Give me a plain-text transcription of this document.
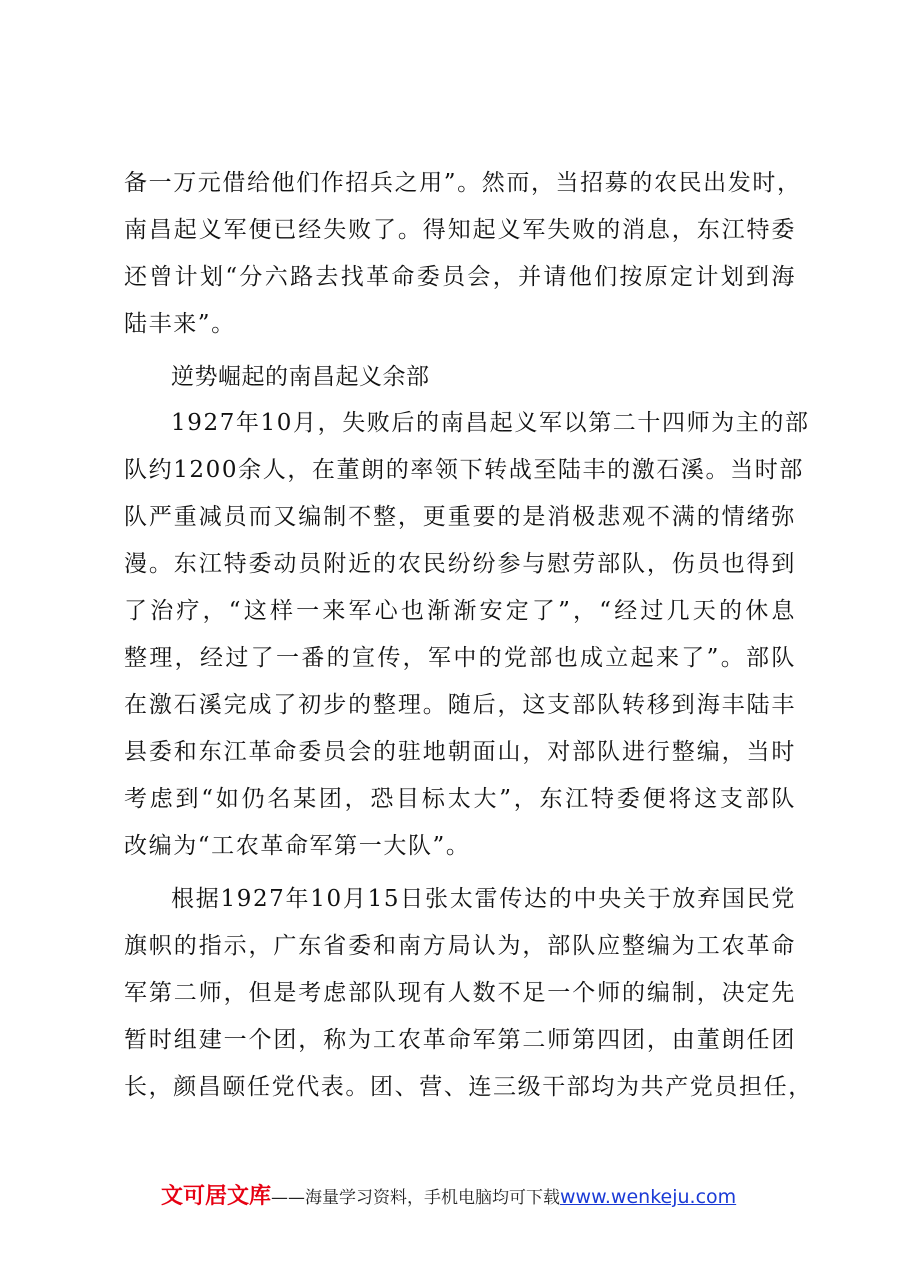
备一万元借给他们作招兵之用”。然而，当招募的农民出发时，
南昌起义军便已经失败了。得知起义军失败的消息，东江特委
还曾计划“分六路去找革命委员会，并请他们按原定计划到海
陆丰来”。
逆势崛起的南昌起义余部
1927年10月，失败后的南昌起义军以第二十四师为主的部
队约1200余人，在董朗的率领下转战至陆丰的激石溪。当时部
队严重减员而又编制不整，更重要的是消极悲观不满的情绪弥
漫。东江特委动员附近的农民纷纷参与慰劳部队，伤员也得到
了治疗，“这样一来军心也渐渐安定了”，“经过几天的休息
整理，经过了一番的宣传，军中的党部也成立起来了”。部队
在激石溪完成了初步的整理。随后，这支部队转移到海丰陆丰
县委和东江革命委员会的驻地朝面山，对部队进行整编，当时
考虑到“如仍名某团，恐目标太大”，东江特委便将这支部队
改编为“工农革命军第一大队”。
根据1927年10月15日张太雷传达的中央关于放弃国民党
旗帜的指示，广东省委和南方局认为，部队应整编为工农革命
军第二师，但是考虑部队现有人数不足一个师的编制，决定先
暂时组建一个团，称为工农革命军第二师第四团，由董朗任团
长，颜昌颐任党代表。团、营、连三级干部均为共产党员担任，
文可居文库——海量学习资料，手机电脑均可下载www.wenkeju.com
